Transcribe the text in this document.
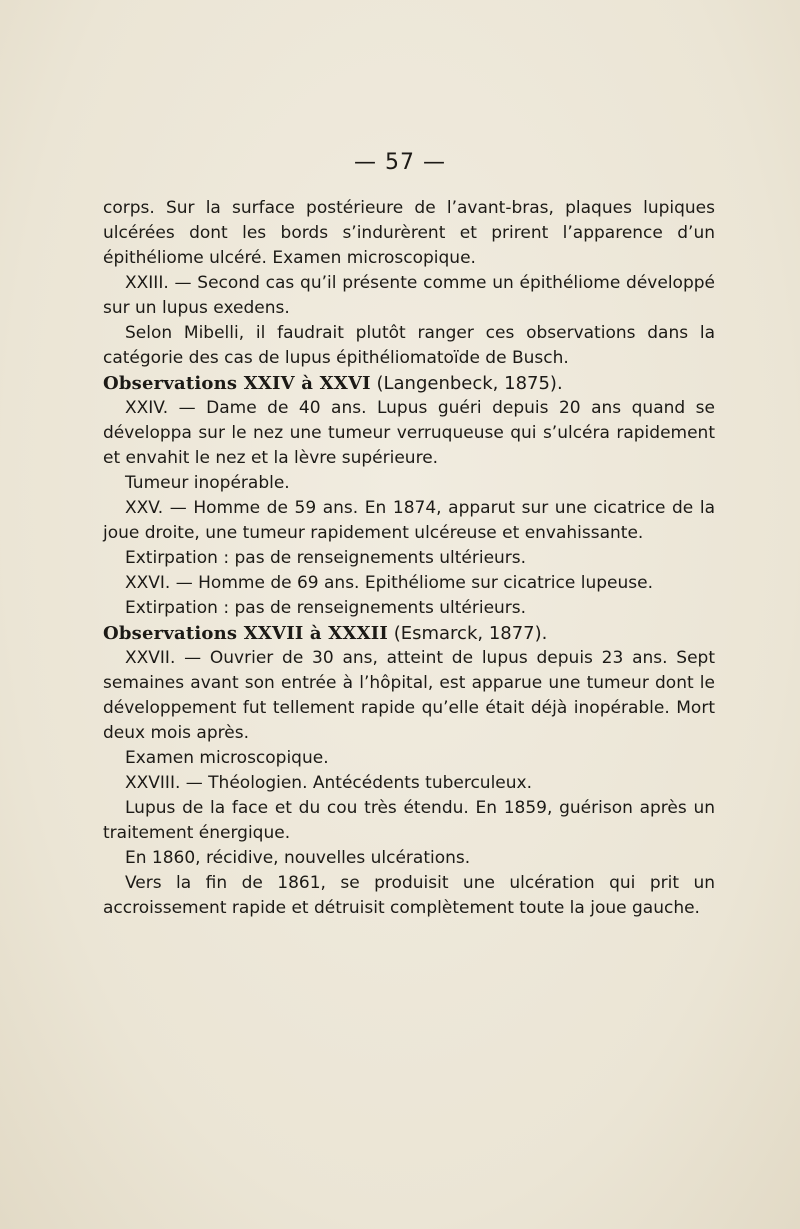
— 57 —

corps. Sur la surface postérieure de l’avant-bras, plaques lupiques ulcérées dont les bords s’indurèrent et prirent l’apparence d’un épithéliome ulcéré. Examen microscopique.

XXIII. — Second cas qu’il présente comme un épithéliome développé sur un lupus exedens.

Selon Mibelli, il faudrait plutôt ranger ces observations dans la catégorie des cas de lupus épithéliomatoïde de Busch.

Observations XXIV à XXVI (Langenbeck, 1875).

XXIV. — Dame de 40 ans. Lupus guéri depuis 20 ans quand se développa sur le nez une tumeur verruqueuse qui s’ulcéra rapidement et envahit le nez et la lèvre supérieure.

Tumeur inopérable.

XXV. — Homme de 59 ans. En 1874, apparut sur une cicatrice de la joue droite, une tumeur rapidement ulcéreuse et envahissante.

Extirpation : pas de renseignements ultérieurs.

XXVI. — Homme de 69 ans. Epithéliome sur cicatrice lupeuse.

Extirpation : pas de renseignements ultérieurs.

Observations XXVII à XXXII (Esmarck, 1877).

XXVII. — Ouvrier de 30 ans, atteint de lupus depuis 23 ans. Sept semaines avant son entrée à l’hôpital, est apparue une tumeur dont le développement fut tellement rapide qu’elle était déjà inopérable. Mort deux mois après.

Examen microscopique.

XXVIII. — Théologien. Antécédents tuberculeux.

Lupus de la face et du cou très étendu. En 1859, guérison après un traitement énergique.

En 1860, récidive, nouvelles ulcérations.

Vers la fin de 1861, se produisit une ulcération qui prit un accroissement rapide et détruisit complètement toute la joue gauche.
